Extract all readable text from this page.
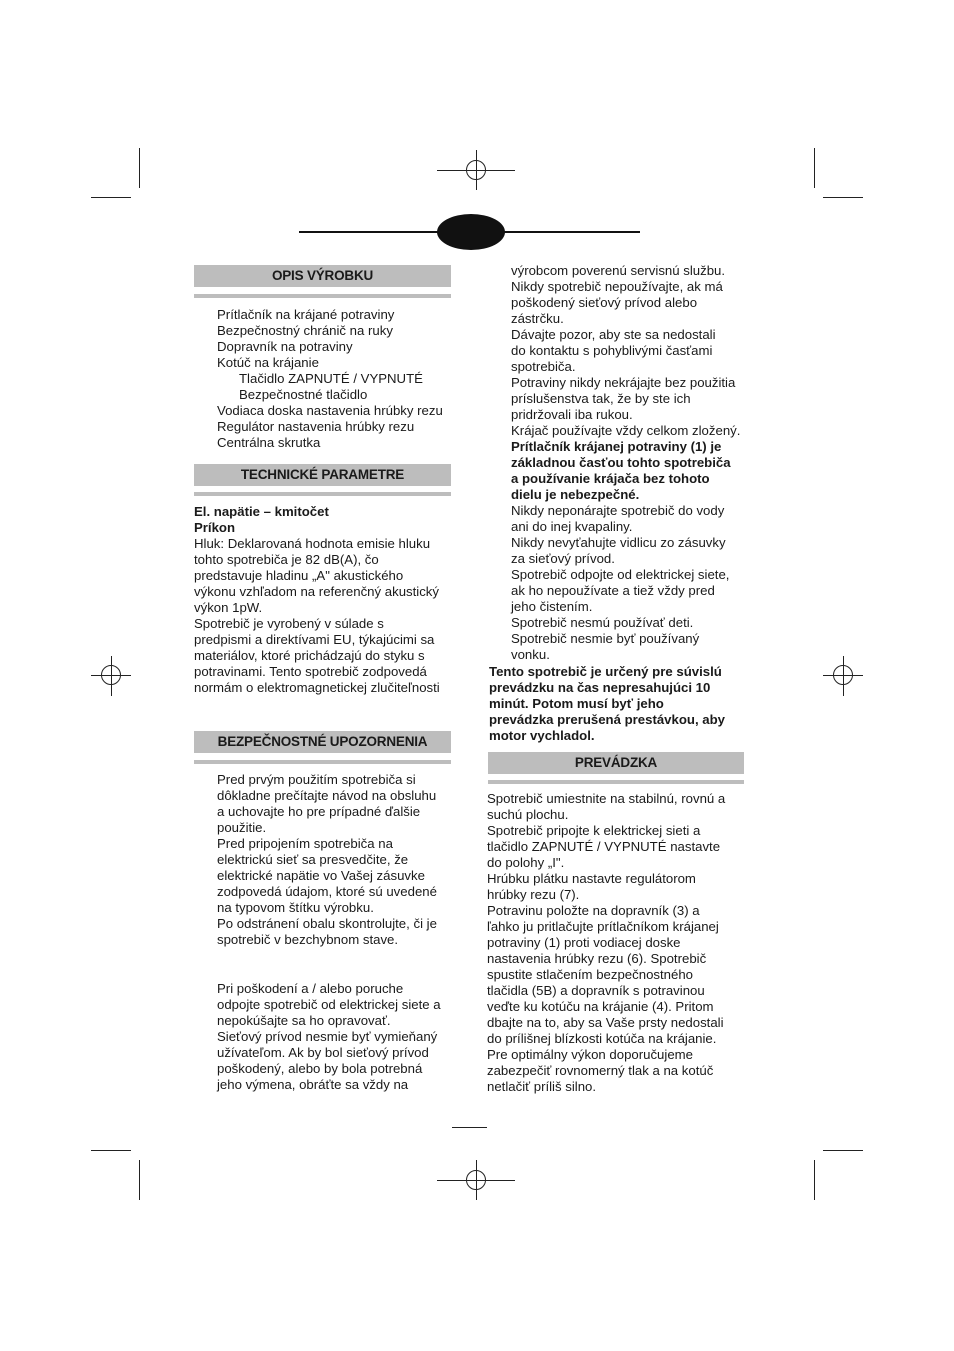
OPIS VÝROBKU

Prítlačník na krájané potraviny

Bezpečnostný chránič na ruky

Dopravník na potraviny

Kotúč na krájanie

Tlačidlo ZAPNUTÉ / VYPNUTÉ

Bezpečnostné tlačidlo

Vodiaca doska nastavenia hrúbky rezu

Regulátor nastavenia hrúbky rezu

Centrálna skrutka

TECHNICKÉ PARAMETRE

El. napätie – kmitočet

Príkon

Hluk: Deklarovaná hodnota emisie hluku

tohto spotrebiča je 82 dB(A), čo

predstavuje hladinu „A" akustického

výkonu vzhľadom na referenčný akustický

výkon 1pW.

Spotrebič je vyrobený v súlade s

predpismi a direktívami EU, týkajúcimi sa

materiálov, ktoré prichádzajú do styku s

potravinami. Tento spotrebič zodpovedá

normám o elektromagnetickej zlučiteľnosti

BEZPEČNOSTNÉ UPOZORNENIA

Pred prvým použitím spotrebiča si

dôkladne prečítajte návod na obsluhu

a uchovajte ho pre prípadné ďalšie

použitie.

Pred pripojením spotrebiča na

elektrickú sieť sa presvedčite, že

elektrické napätie vo Vašej zásuvke

zodpovedá údajom, ktoré sú uvedené

na typovom štítku výrobku.

Po odstránení obalu skontrolujte, či je

spotrebič v bezchybnom stave.

Pri poškodení a / alebo poruche

odpojte spotrebič od elektrickej siete a

nepokúšajte sa ho opravovať.

Sieťový prívod nesmie byť vymieňaný

užívateľom. Ak by bol sieťový prívod

poškodený, alebo by bola potrebná

jeho výmena, obráťte sa vždy na

výrobcom poverenú servisnú službu.

Nikdy spotrebič nepoužívajte, ak má

poškodený sieťový prívod alebo

zástrčku.

Dávajte pozor, aby ste sa nedostali

do kontaktu s pohyblivými časťami

spotrebiča.

Potraviny nikdy nekrájajte bez použitia

príslušenstva tak, že by ste ich

pridržovali iba rukou.

Krájač používajte vždy celkom zložený.

Prítlačník krájanej potraviny (1) je

základnou časťou tohto spotrebiča

a používanie krájača bez tohoto

dielu je nebezpečné.

Nikdy neponárajte spotrebič do vody

ani do inej kvapaliny.

Nikdy nevyťahujte vidlicu zo zásuvky

za sieťový prívod.

Spotrebič odpojte od elektrickej siete,

ak ho nepoužívate a tiež vždy pred

jeho čistením.

Spotrebič nesmú používať deti.

Spotrebič nesmie byť používaný

vonku.

Tento spotrebič je určený pre súvislú

prevádzku na čas nepresahujúci 10

minút. Potom musí byť jeho

prevádzka prerušená prestávkou, aby

motor vychladol.

PREVÁDZKA

Spotrebič umiestnite na stabilnú, rovnú a

suchú plochu.

Spotrebič pripojte k elektrickej sieti a

tlačidlo ZAPNUTÉ / VYPNUTÉ nastavte

do polohy „I".

Hrúbku plátku nastavte regulátorom

hrúbky rezu (7).

Potravinu položte na dopravník (3) a

ľahko ju pritlačujte prítlačníkom krájanej

potraviny (1) proti vodiacej doske

nastavenia hrúbky rezu (6). Spotrebič

spustite stlačením bezpečnostného

tlačidla (5B) a dopravník s potravinou

veďte ku kotúču na krájanie (4). Pritom

dbajte na to, aby sa Vaše prsty nedostali

do prílišnej blízkosti kotúča na krájanie.

Pre optimálny výkon doporučujeme

zabezpečiť rovnomerný tlak a na kotúč

netlačiť príliš silno.
